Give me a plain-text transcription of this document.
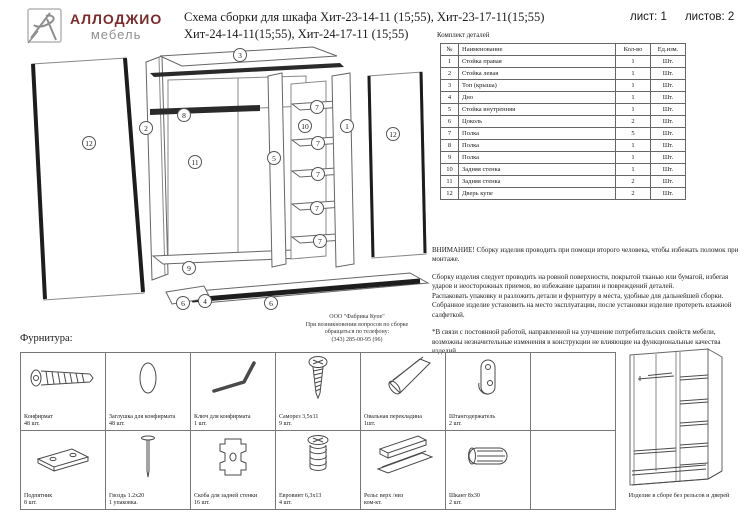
АЛЛОДЖИО
мебель
Схема сборки для шкафа Хит-23-14-11 (15;55), Хит-23-17-11(15;55)
Хит-24-14-11(15;55), Хит-24-17-11 (15;55)
лист: 1 листов: 2
3
8
12
2
11	5
10
7
7
7
7
7
1
12
9
6	4	6
ООО "Фабрика Купе"
При возникновении вопросов по сборке
обращаться по телефону:
(343) 285-00-95 (96)
Комплект деталей
№	Наименование	Кол-во	Ед.изм.
1	Стойка правая	1	Шт.
2	Стойка левая	1	Шт.
3	Топ (крыша)	1	Шт.
4	Дно	1	Шт.
5	Стойка внутренняя	1	Шт.
6	Цоколь	2	Шт.
7	Полка	5	Шт.
8	Полка	1	Шт.
9	Полка	1	Шт.
10	Задняя стенка	1	Шт.
11	Задняя стенка	2	Шт.
12	Дверь купе	2	Шт.
ВНИМАНИЕ! Сборку изделия проводить при помощи второго человека, чтобы избежать поломок при монтаже.
Сборку изделия следует проводить на ровной поверхности, покрытой тканью или бумагой, избегая ударов и неосторожных приемов, во избежание царапин и повреждений деталей.
Распаковать упаковку и разложить детали и фурнитуру в места, удобные для дальнейшей сборки.
Собранное изделие установить на место эксплуатации, после установки изделие протереть влажной салфеткой.
*В связи с постоянной работой, направленной на улучшение потребительских свойств мебели, возможны незначительные изменения в конструкции не влияющие на функциональные качества изделий.
Фурнитура:
Конфирмат
48 шт.
Заглушка для конфирмата
48 шт.
Ключ для конфирмата
1 шт.
Саморез 3,5х11
9 шт.
Овальная перекладина
1шт.
Штангодержатель
2 шт.
Подпятник
8 шт.
Гвоздь 1.2х20
1 упаковка.
Скоба для задней стенки
16 шт.
Евровинт 6,3х13
4 шт.
Рельс верх /низ
ком-кт.
Шкант 8х30
2 шт.
Изделие в сборе без рельсов и дверей
